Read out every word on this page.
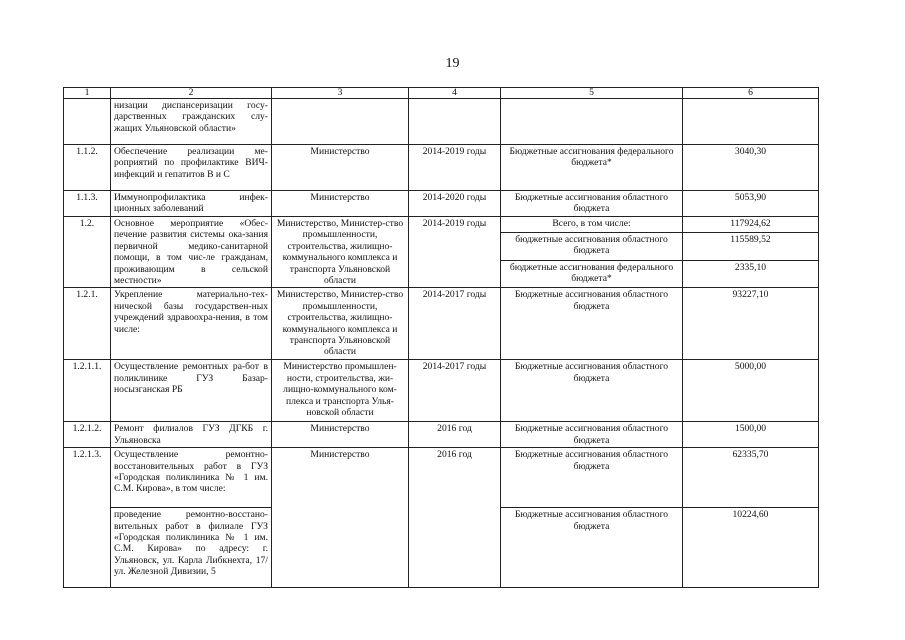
19
1	2	3	4	5	6
	низации диспансеризации госу-дарственных гражданских слу-жащих Ульяновской области»				
1.1.2.	Обеспечение реализации ме-роприятий по профилактике ВИЧ-инфекций и гепатитов В и С	Министерство	2014-2019 годы	Бюджетные ассигнования федерального бюджета*	3040,30
1.1.3.	Иммунопрофилактика инфек-ционных заболеваний	Министерство	2014-2020 годы	Бюджетные ассигнования областного бюджета	5053,90
1.2.	Основное мероприятие «Обес-печение развития системы ока-зания первичной медико-санитарной помощи, в том чис-ле гражданам, проживающим в сельской местности»	Министерство, Министер-ство промышленности, строительства, жилищно-коммунального комплекса и транспорта Ульяновской области	2014-2019 годы	Всего, в том числе:	117924,62
				бюджетные ассигнования областного бюджета	115589,52
				бюджетные ассигнования федерального бюджета*	2335,10
1.2.1.	Укрепление материально-тех-нической базы государствен-ных учреждений здравоохра-нения, в том числе:	Министерство, Министер-ство промышленности, строительства, жилищно-коммунального комплекса и транспорта Ульяновской области	2014-2017 годы	Бюджетные ассигнования областного бюджета	93227,10
1.2.1.1.	Осуществление ремонтных ра-бот в поликлинике ГУЗ Базар-носызганская РБ	Министерство промышлен-ности, строительства, жи-лищно-коммунального ком-плекса и транспорта Улья-новской области	2014-2017 годы	Бюджетные ассигнования областного бюджета	5000,00
1.2.1.2.	Ремонт филиалов ГУЗ ДГКБ г. Ульяновска	Министерство	2016 год	Бюджетные ассигнования областного бюджета	1500,00
1.2.1.3.	Осуществление ремонтно-восстановительных работ в ГУЗ «Городская поликлиника № 1 им. С.М. Кирова», в том числе:	Министерство	2016 год	Бюджетные ассигнования областного бюджета	62335,70
	проведение ремонтно-восстано-вительных работ в филиале ГУЗ «Городская поликлиника № 1 им. С.М. Кирова» по адресу: г. Ульяновск, ул. Карла Либкнехта, 17/ул. Железной Дивизии, 5			Бюджетные ассигнования областного бюджета	10224,60
